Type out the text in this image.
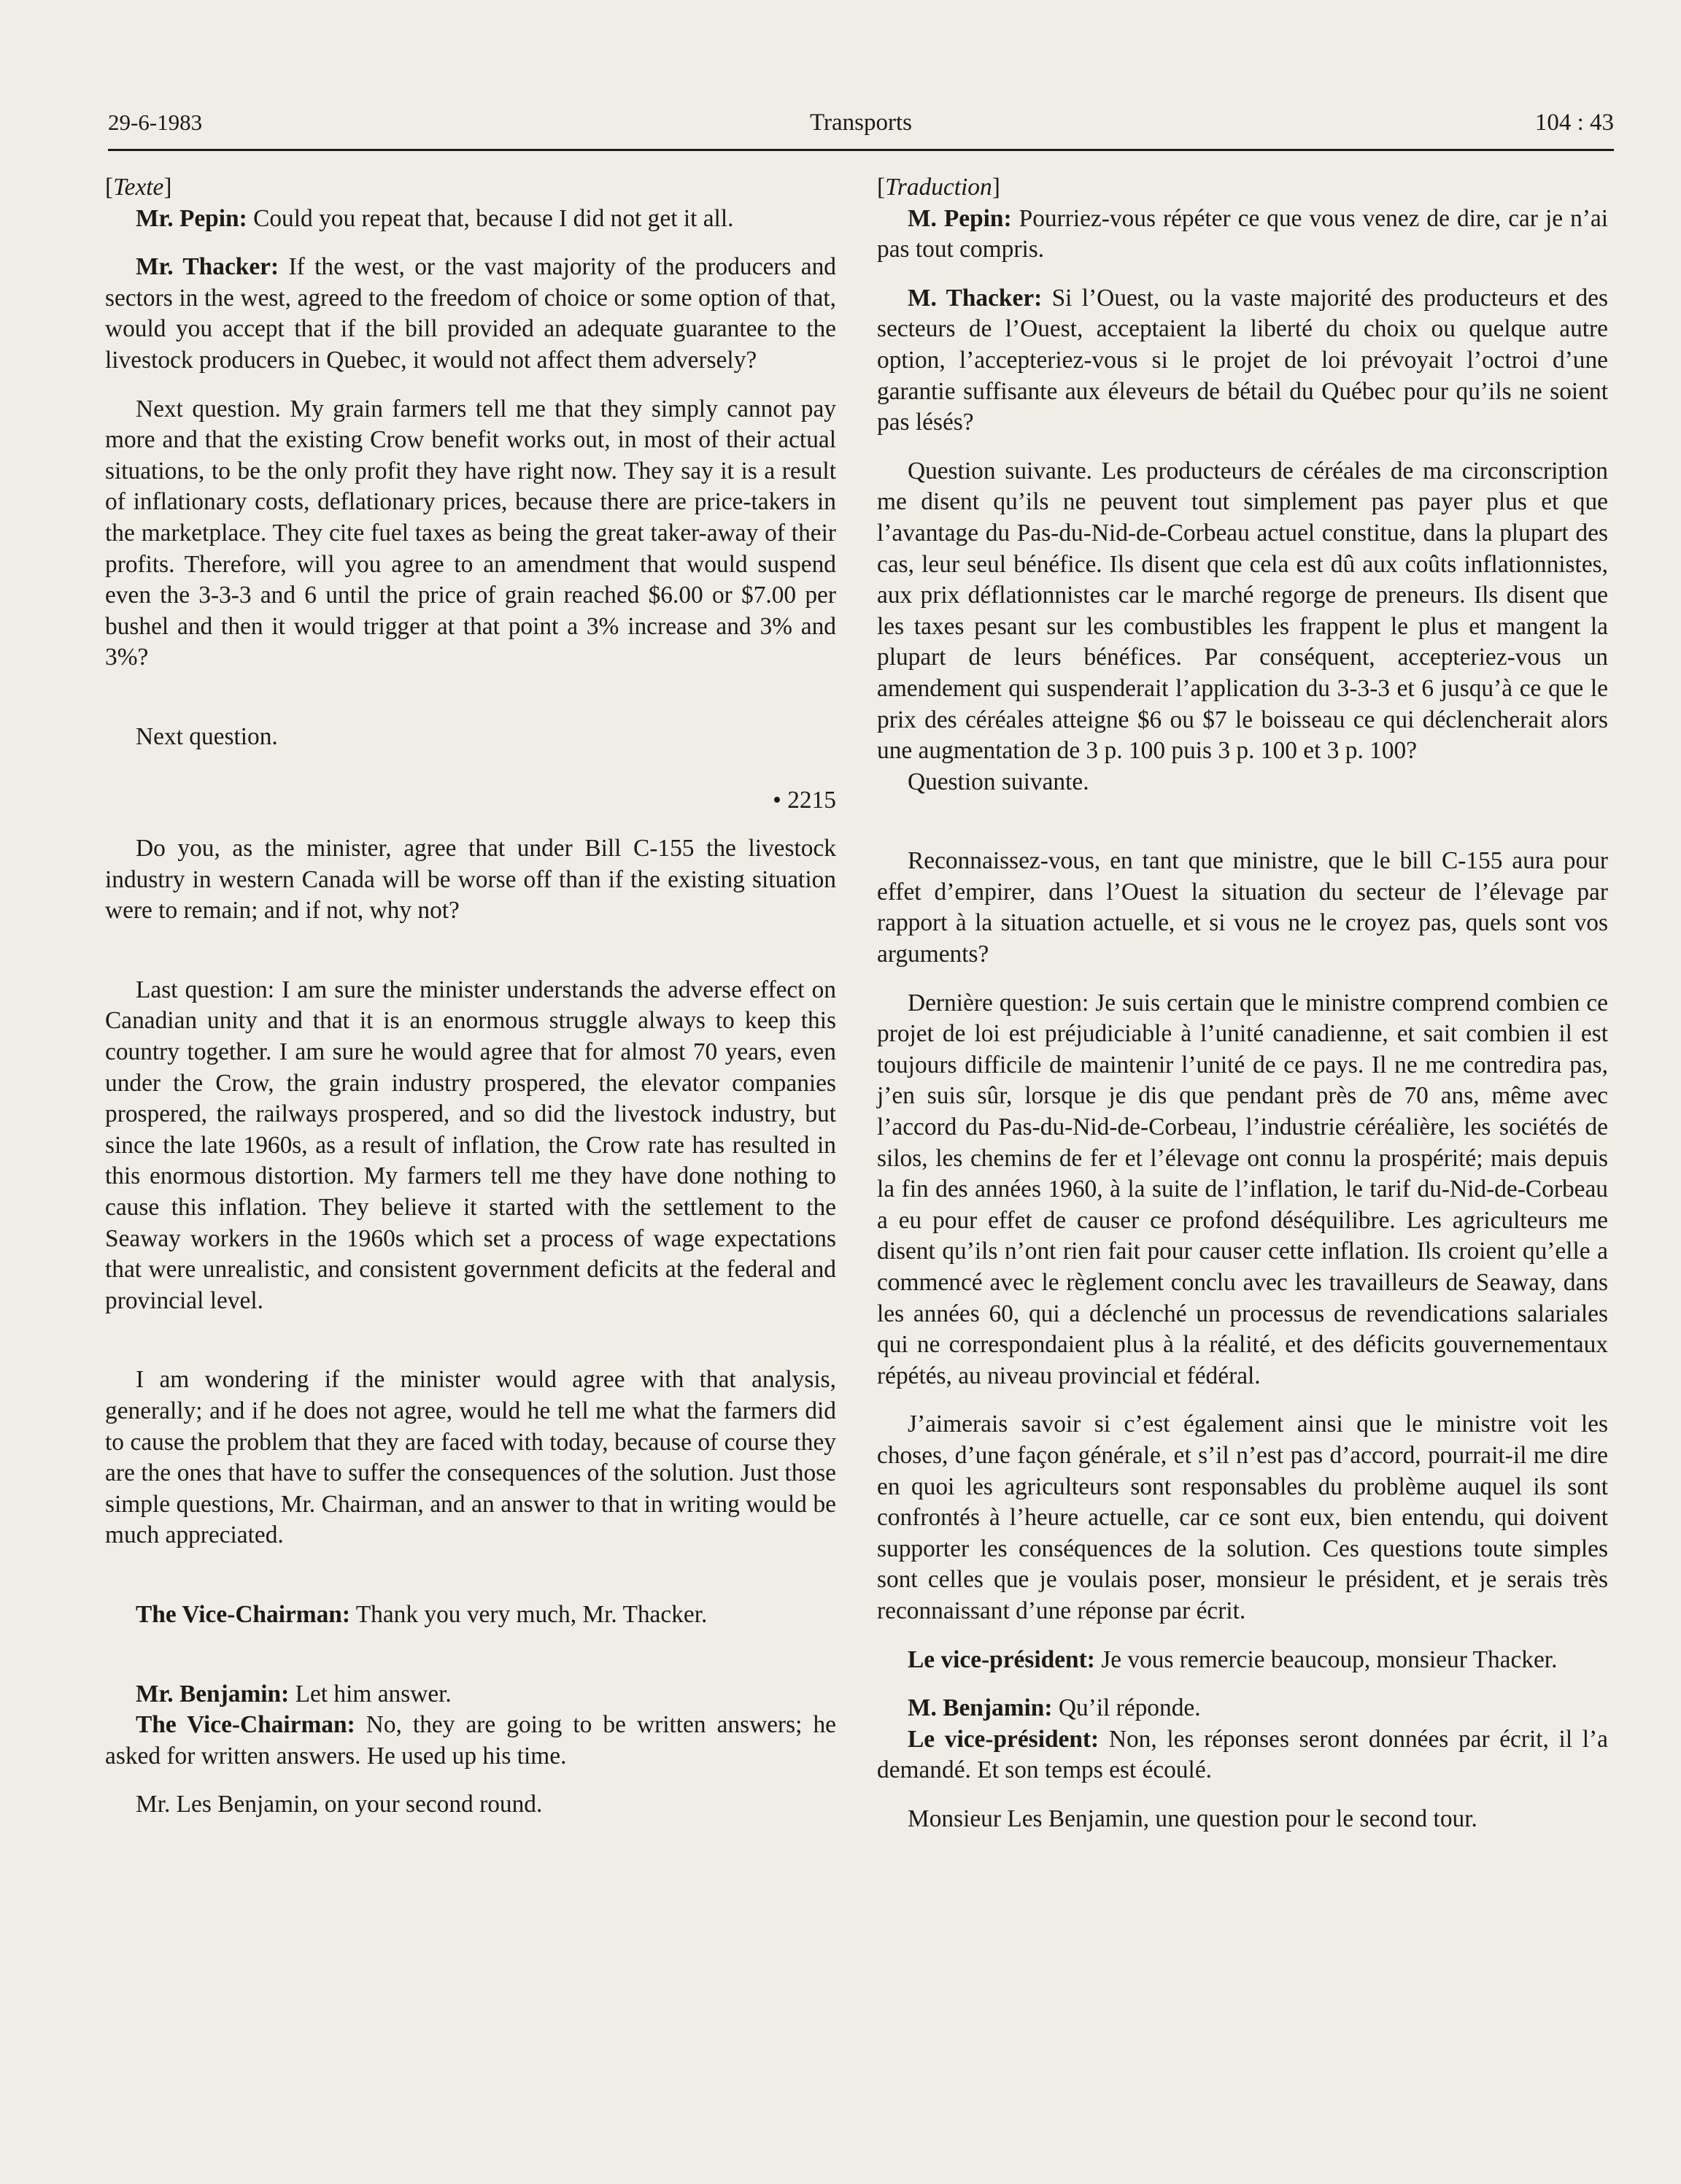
29-6-1983	Transports	104 : 43

[Texte]

Mr. Pepin: Could you repeat that, because I did not get it all.

Mr. Thacker: If the west, or the vast majority of the producers and sectors in the west, agreed to the freedom of choice or some option of that, would you accept that if the bill provided an adequate guarantee to the livestock producers in Quebec, it would not affect them adversely?

Next question. My grain farmers tell me that they simply cannot pay more and that the existing Crow benefit works out, in most of their actual situations, to be the only profit they have right now. They say it is a result of inflationary costs, deflationary prices, because there are price-takers in the marketplace. They cite fuel taxes as being the great taker-away of their profits. Therefore, will you agree to an amendment that would suspend even the 3-3-3 and 6 until the price of grain reached $6.00 or $7.00 per bushel and then it would trigger at that point a 3% increase and 3% and 3%?

Next question.

• 2215

Do you, as the minister, agree that under Bill C-155 the livestock industry in western Canada will be worse off than if the existing situation were to remain; and if not, why not?

Last question: I am sure the minister understands the adverse effect on Canadian unity and that it is an enormous struggle always to keep this country together. I am sure he would agree that for almost 70 years, even under the Crow, the grain industry prospered, the elevator companies prospered, the railways prospered, and so did the livestock industry, but since the late 1960s, as a result of inflation, the Crow rate has resulted in this enormous distortion. My farmers tell me they have done nothing to cause this inflation. They believe it started with the settlement to the Seaway workers in the 1960s which set a process of wage expectations that were unrealistic, and consistent government deficits at the federal and provincial level.

I am wondering if the minister would agree with that analysis, generally; and if he does not agree, would he tell me what the farmers did to cause the problem that they are faced with today, because of course they are the ones that have to suffer the consequences of the solution. Just those simple questions, Mr. Chairman, and an answer to that in writing would be much appreciated.

The Vice-Chairman: Thank you very much, Mr. Thacker.

Mr. Benjamin: Let him answer.

The Vice-Chairman: No, they are going to be written answers; he asked for written answers. He used up his time.

Mr. Les Benjamin, on your second round.

[Traduction]

M. Pepin: Pourriez-vous répéter ce que vous venez de dire, car je n’ai pas tout compris.

M. Thacker: Si l’Ouest, ou la vaste majorité des producteurs et des secteurs de l’Ouest, acceptaient la liberté du choix ou quelque autre option, l’accepteriez-vous si le projet de loi prévoyait l’octroi d’une garantie suffisante aux éleveurs de bétail du Québec pour qu’ils ne soient pas lésés?

Question suivante. Les producteurs de céréales de ma circonscription me disent qu’ils ne peuvent tout simplement pas payer plus et que l’avantage du Pas-du-Nid-de-Corbeau actuel constitue, dans la plupart des cas, leur seul bénéfice. Ils disent que cela est dû aux coûts inflationnistes, aux prix déflationnistes car le marché regorge de preneurs. Ils disent que les taxes pesant sur les combustibles les frappent le plus et mangent la plupart de leurs bénéfices. Par conséquent, accepteriez-vous un amendement qui suspenderait l’application du 3-3-3 et 6 jusqu’à ce que le prix des céréales atteigne $6 ou $7 le boisseau ce qui déclencherait alors une augmentation de 3 p. 100 puis 3 p. 100 et 3 p. 100?

Question suivante.

Reconnaissez-vous, en tant que ministre, que le bill C-155 aura pour effet d’empirer, dans l’Ouest la situation du secteur de l’élevage par rapport à la situation actuelle, et si vous ne le croyez pas, quels sont vos arguments?

Dernière question: Je suis certain que le ministre comprend combien ce projet de loi est préjudiciable à l’unité canadienne, et sait combien il est toujours difficile de maintenir l’unité de ce pays. Il ne me contredira pas, j’en suis sûr, lorsque je dis que pendant près de 70 ans, même avec l’accord du Pas-du-Nid-de-Corbeau, l’industrie céréalière, les sociétés de silos, les chemins de fer et l’élevage ont connu la prospérité; mais depuis la fin des années 1960, à la suite de l’inflation, le tarif du-Nid-de-Corbeau a eu pour effet de causer ce profond déséquilibre. Les agriculteurs me disent qu’ils n’ont rien fait pour causer cette inflation. Ils croient qu’elle a commencé avec le règlement conclu avec les travailleurs de Seaway, dans les années 60, qui a déclenché un processus de revendications salariales qui ne correspondaient plus à la réalité, et des déficits gouvernementaux répétés, au niveau provincial et fédéral.

J’aimerais savoir si c’est également ainsi que le ministre voit les choses, d’une façon générale, et s’il n’est pas d’accord, pourrait-il me dire en quoi les agriculteurs sont responsables du problème auquel ils sont confrontés à l’heure actuelle, car ce sont eux, bien entendu, qui doivent supporter les conséquences de la solution. Ces questions toute simples sont celles que je voulais poser, monsieur le président, et je serais très reconnaissant d’une réponse par écrit.

Le vice-président: Je vous remercie beaucoup, monsieur Thacker.

M. Benjamin: Qu’il réponde.

Le vice-président: Non, les réponses seront données par écrit, il l’a demandé. Et son temps est écoulé.

Monsieur Les Benjamin, une question pour le second tour.
